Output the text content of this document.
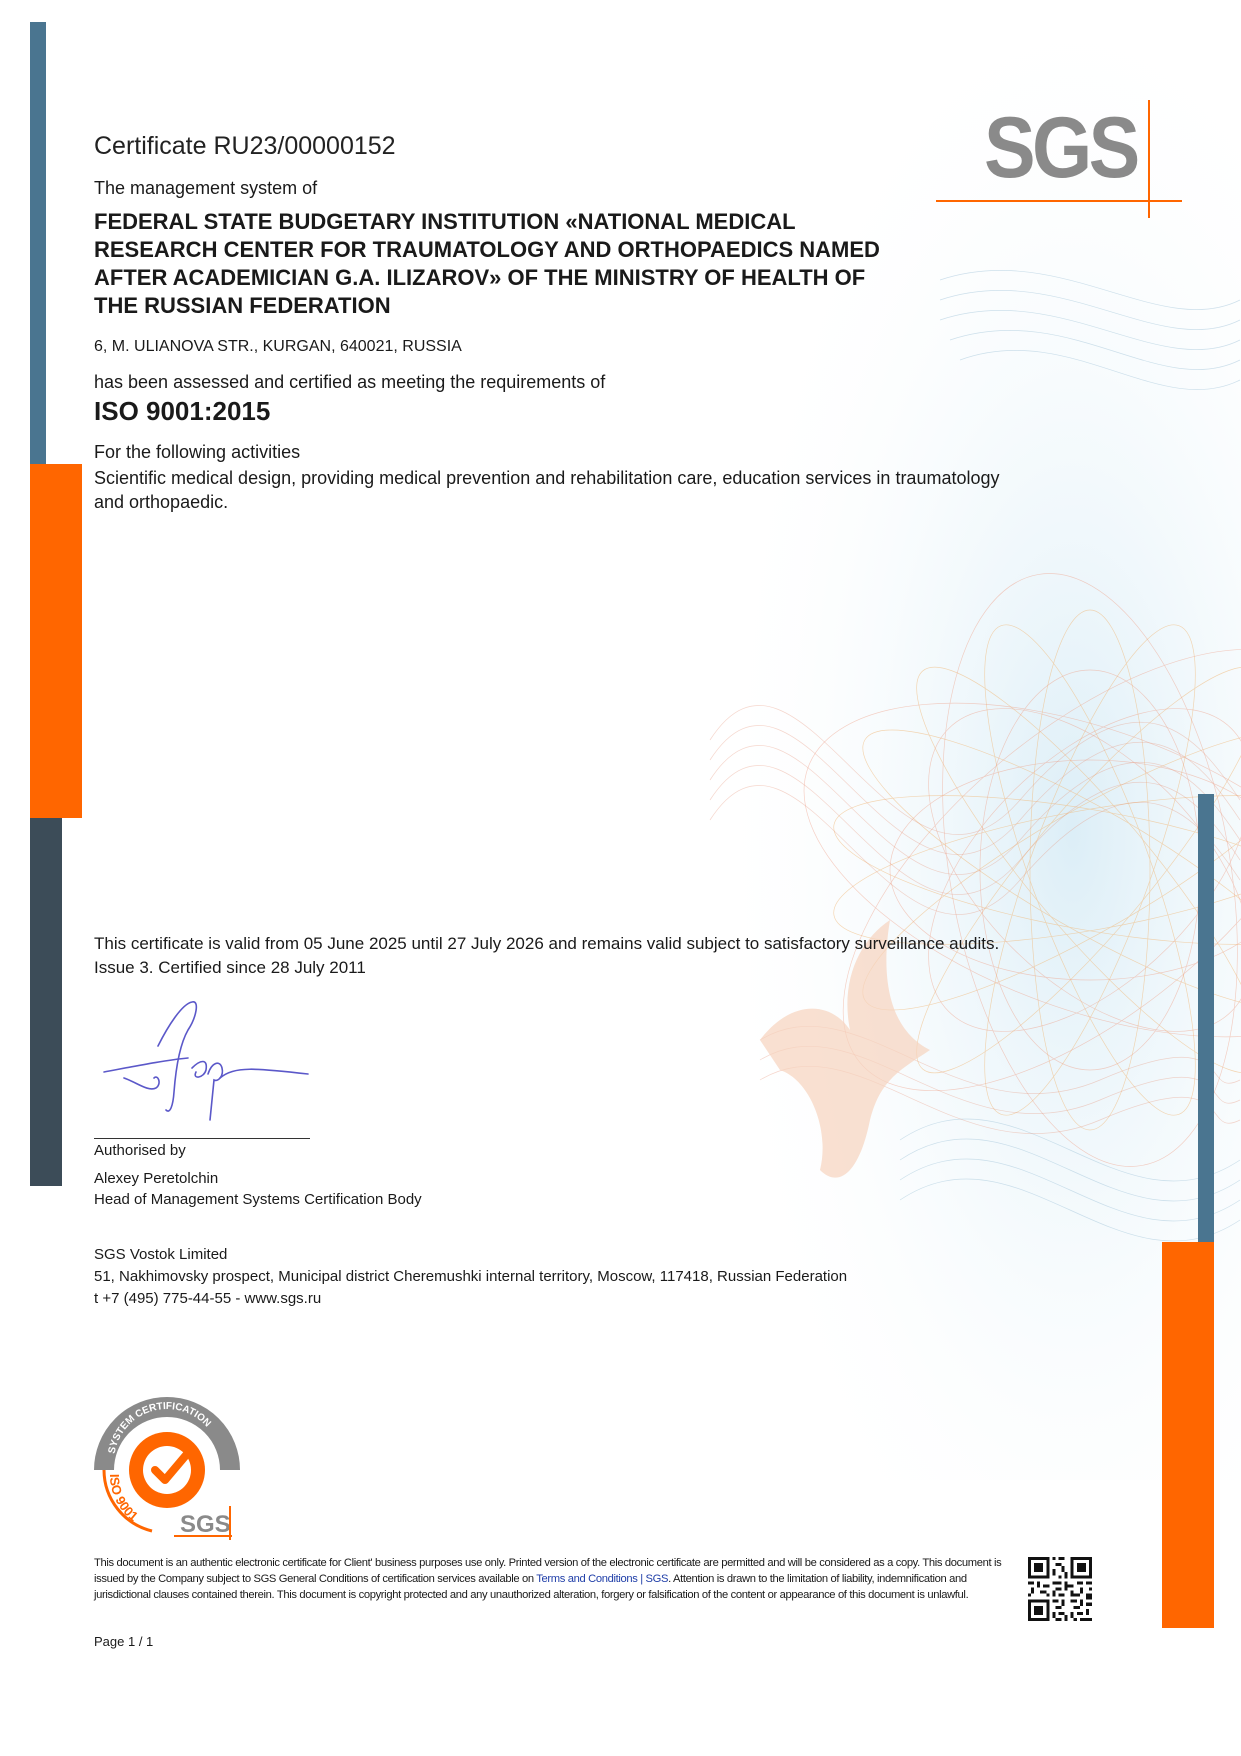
SGS
Certificate RU23/00000152
The management system of
FEDERAL STATE BUDGETARY INSTITUTION «NATIONAL MEDICAL RESEARCH CENTER FOR TRAUMATOLOGY AND ORTHOPAEDICS NAMED AFTER ACADEMICIAN G.A. ILIZAROV» OF THE MINISTRY OF HEALTH OF THE RUSSIAN FEDERATION
6, M. ULIANOVA STR., KURGAN, 640021, RUSSIA
has been assessed and certified as meeting the requirements of
ISO 9001:2015
For the following activities
Scientific medical design, providing medical prevention and rehabilitation care, education services in traumatology and orthopaedic.
This certificate is valid from 05 June 2025 until 27 July 2026 and remains valid subject to satisfactory surveillance audits.
Issue 3. Certified since 28 July 2011
Authorised by
Alexey Peretolchin
Head of Management Systems Certification Body
SGS Vostok Limited
51, Nakhimovsky prospect, Municipal district Cheremushki internal territory, Moscow, 117418, Russian Federation
t +7 (495) 775-44-55 - www.sgs.ru
SYSTEM CERTIFICATION
ISO 9001 SGS
This document is an authentic electronic certificate for Client' business purposes use only. Printed version of the electronic certificate are permitted and will be considered as a copy. This document is issued by the Company subject to SGS General Conditions of certification services available on Terms and Conditions | SGS. Attention is drawn to the limitation of liability, indemnification and jurisdictional clauses contained therein. This document is copyright protected and any unauthorized alteration, forgery or falsification of the content or appearance of this document is unlawful.
Page 1 / 1
